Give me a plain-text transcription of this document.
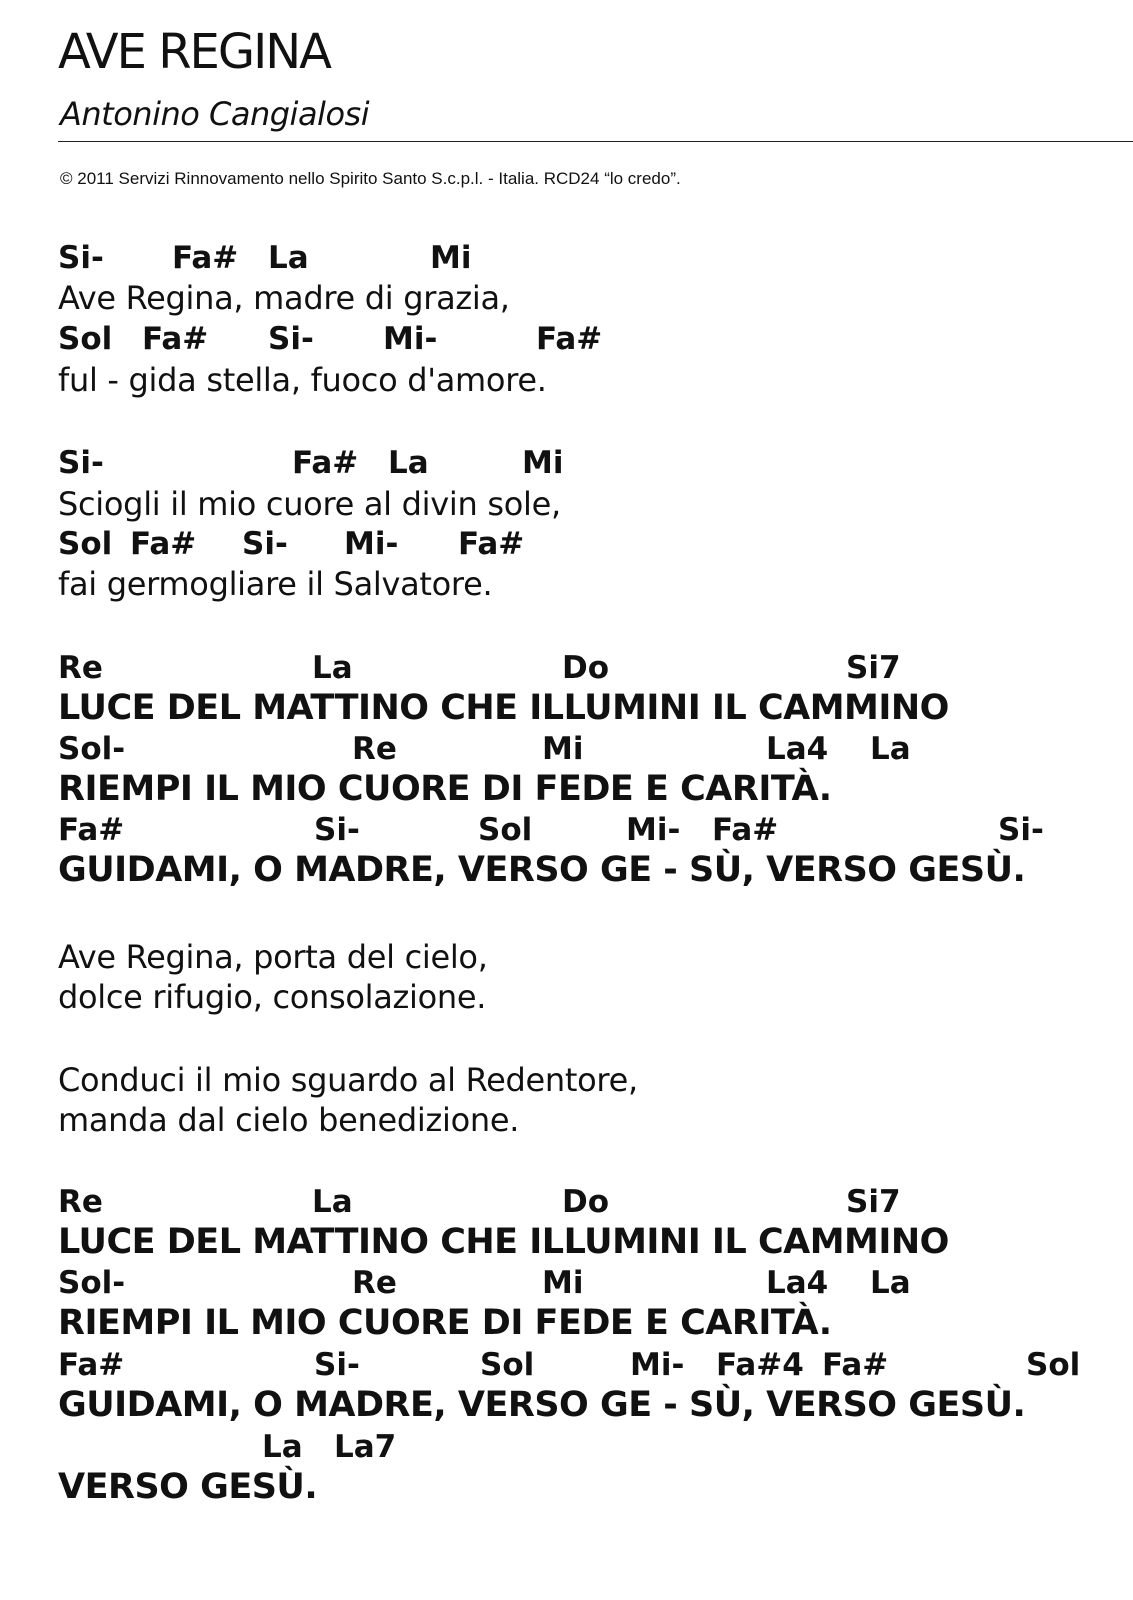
AVE REGINA
Antonino Cangialosi
© 2011 Servizi Rinnovamento nello Spirito Santo S.c.p.l. - Italia. RCD24 “lo credo”.
Si- Fa# La	Mi
Ave Regina, madre di grazia,
Sol Fa# Si- Mi-	Fa#
ful - gida stella, fuoco d'amore.
Si-	Fa# La	Mi
Sciogli il mio cuore al divin sole,
Sol Fa# Si- Mi- Fa#
fai germogliare il Salvatore.
Re	La	Do	Si7
LUCE DEL MATTINO CHE ILLUMINI IL CAMMINO
Sol-	Re	Mi	La4 La
RIEMPI IL MIO CUORE DI FEDE E CARITÀ.
Fa#	Si-	Sol	Mi- Fa#	Si-
GUIDAMI, O MADRE, VERSO GE - SÙ, VERSO GESÙ.
Ave Regina, porta del cielo,
dolce rifugio, consolazione.
Conduci il mio sguardo al Redentore,
manda dal cielo benedizione.
Re	La	Do	Si7
LUCE DEL MATTINO CHE ILLUMINI IL CAMMINO
Sol-	Re	Mi	La4 La
RIEMPI IL MIO CUORE DI FEDE E CARITÀ.
Fa#	Si-	Sol	Mi- Fa#4 Fa#	Sol
GUIDAMI, O MADRE, VERSO GE - SÙ, VERSO GESÙ.
La La7
VERSO GESÙ.
